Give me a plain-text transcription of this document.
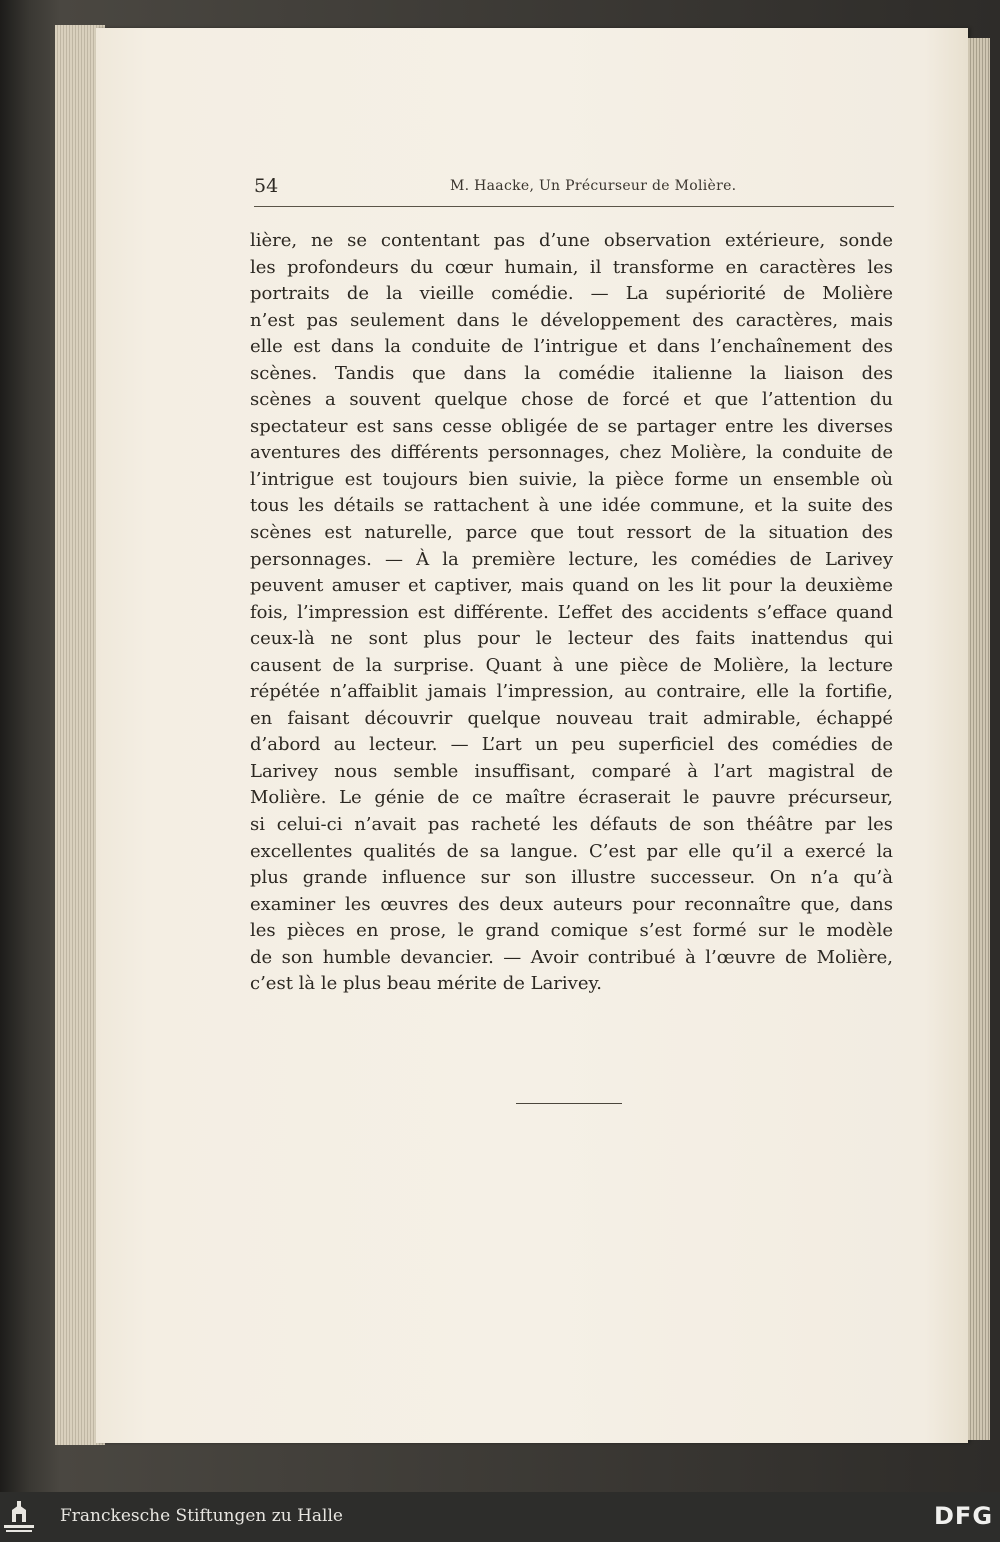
54	M. Haacke, Un Précurseur de Molière.
lière, ne se contentant pas d’une observation extérieure, sonde
les profondeurs du cœur humain, il transforme en caractères les
portraits de la vieille comédie. — La supériorité de Molière
n’est pas seulement dans le développement des caractères, mais
elle est dans la conduite de l’intrigue et dans l’enchaînement des
scènes. Tandis que dans la comédie italienne la liaison des
scènes a souvent quelque chose de forcé et que l’attention du
spectateur est sans cesse obligée de se partager entre les diverses
aventures des différents personnages, chez Molière, la conduite de
l’intrigue est toujours bien suivie, la pièce forme un ensemble où
tous les détails se rattachent à une idée commune, et la suite des
scènes est naturelle, parce que tout ressort de la situation des
personnages. — À la première lecture, les comédies de Larivey
peuvent amuser et captiver, mais quand on les lit pour la deuxième
fois, l’impression est différente. L’effet des accidents s’efface quand
ceux-là ne sont plus pour le lecteur des faits inattendus qui
causent de la surprise. Quant à une pièce de Molière, la lecture
répétée n’affaiblit jamais l’impression, au contraire, elle la fortifie,
en faisant découvrir quelque nouveau trait admirable, échappé
d’abord au lecteur. — L’art un peu superficiel des comédies de
Larivey nous semble insuffisant, comparé à l’art magistral de
Molière. Le génie de ce maître écraserait le pauvre précurseur,
si celui-ci n’avait pas racheté les défauts de son théâtre par les
excellentes qualités de sa langue. C’est par elle qu’il a exercé la
plus grande influence sur son illustre successeur. On n’a qu’à
examiner les œuvres des deux auteurs pour reconnaître que, dans
les pièces en prose, le grand comique s’est formé sur le modèle
de son humble devancier. — Avoir contribué à l’œuvre de Molière,
c’est là le plus beau mérite de Larivey.
Franckesche Stiftungen zu Halle	DFG
